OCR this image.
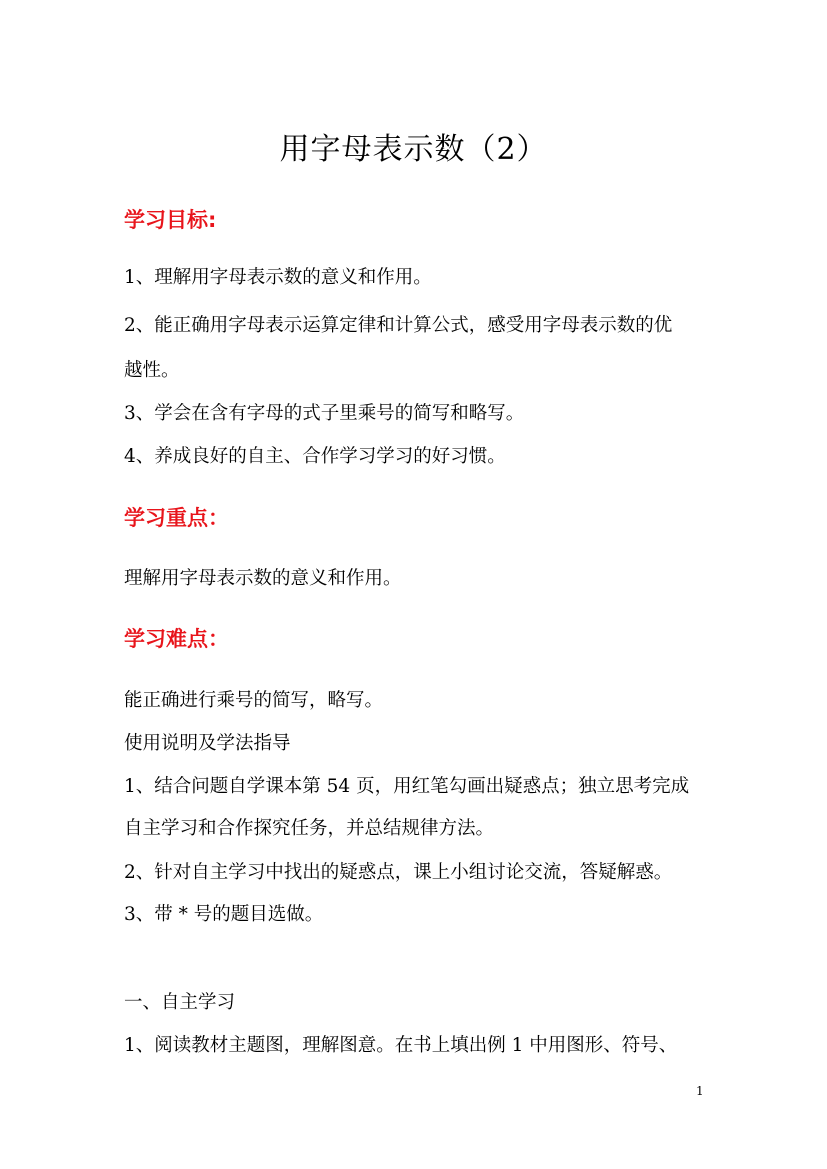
用字母表示数（2）
学习目标:
1、理解用字母表示数的意义和作用。
2、能正确用字母表示运算定律和计算公式，感受用字母表示数的优
越性。
3、学会在含有字母的式子里乘号的简写和略写。
4、养成良好的自主、合作学习学习的好习惯。
学习重点：
理解用字母表示数的意义和作用。
学习难点：
能正确进行乘号的简写，略写。
使用说明及学法指导
1、结合问题自学课本第 54 页，用红笔勾画出疑惑点；独立思考完成
自主学习和合作探究任务，并总结规律方法。
2、针对自主学习中找出的疑惑点，课上小组讨论交流，答疑解惑。
3、带 * 号的题目选做。
一、自主学习
1、阅读教材主题图，理解图意。在书上填出例 1 中用图形、符号、
1
